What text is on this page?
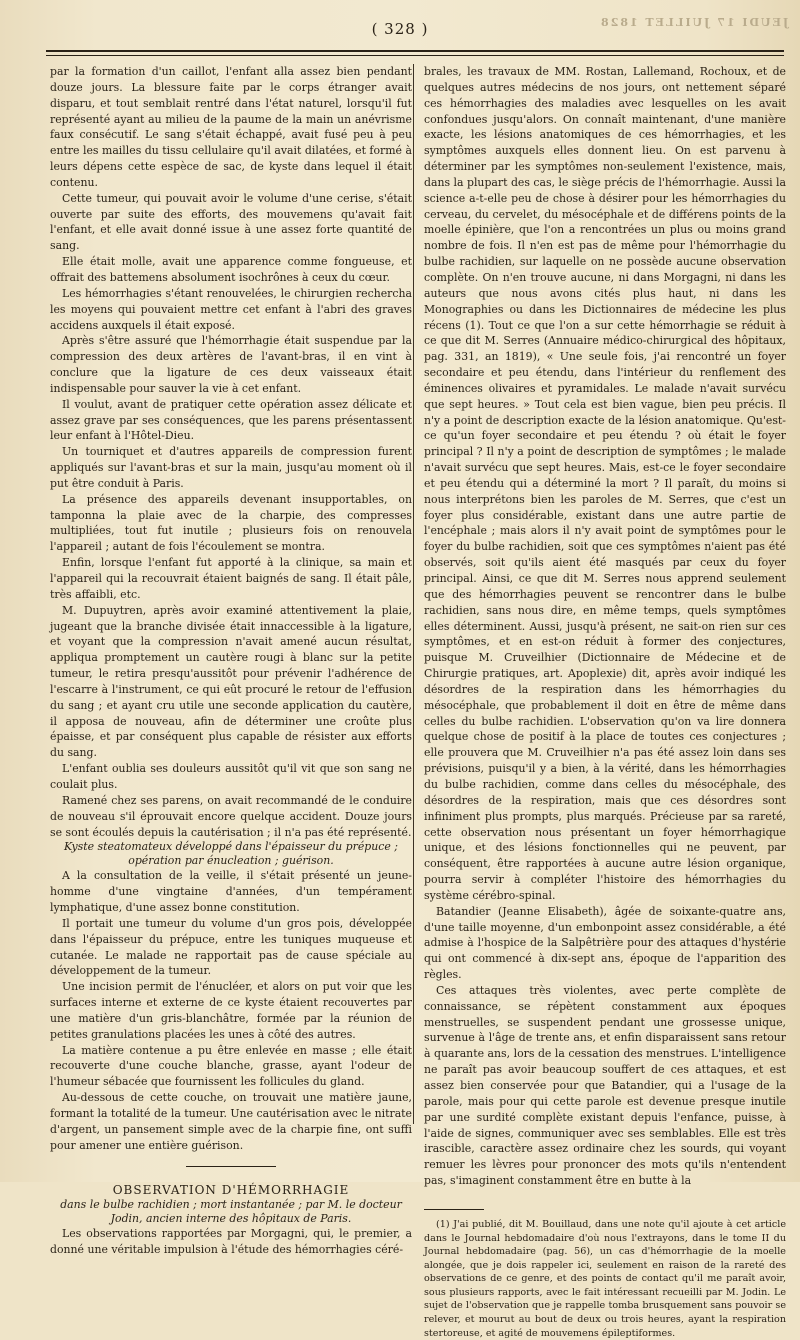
( 328 )	JEUDI 17 JUILLET 1828

par la formation d'un caillot, l'enfant alla assez bien pendant douze jours. La blessure faite par le corps étranger avait disparu, et tout semblait rentré dans l'état naturel, lorsqu'il fut représenté ayant au milieu de la paume de la main un anévrisme faux consécutif. Le sang s'était échappé, avait fusé peu à peu entre les mailles du tissu cellulaire qu'il avait dilatées, et formé à leurs dépens cette espèce de sac, de kyste dans lequel il était contenu.

Cette tumeur, qui pouvait avoir le volume d'une cerise, s'était ouverte par suite des efforts, des mouvemens qu'avait fait l'enfant, et elle avait donné issue à une assez forte quantité de sang.

Elle était molle, avait une apparence comme fongueuse, et offrait des battemens absolument isochrônes à ceux du cœur.

Les hémorrhagies s'étant renouvelées, le chirurgien rechercha les moyens qui pouvaient mettre cet enfant à l'abri des graves accidens auxquels il était exposé.

Après s'être assuré que l'hémorrhagie était suspendue par la compression des deux artères de l'avant-bras, il en vint à conclure que la ligature de ces deux vaisseaux était indispensable pour sauver la vie à cet enfant.

Il voulut, avant de pratiquer cette opération assez délicate et assez grave par ses conséquences, que les parens présentassent leur enfant à l'Hôtel-Dieu.

Un tourniquet et d'autres appareils de compression furent appliqués sur l'avant-bras et sur la main, jusqu'au moment où il put être conduit à Paris.

La présence des appareils devenant insupportables, on tamponna la plaie avec de la charpie, des compresses multipliées, tout fut inutile ; plusieurs fois on renouvela l'appareil ; autant de fois l'écoulement se montra.

Enfin, lorsque l'enfant fut apporté à la clinique, sa main et l'appareil qui la recouvrait étaient baignés de sang. Il était pâle, très affaibli, etc.

M. Dupuytren, après avoir examiné attentivement la plaie, jugeant que la branche divisée était innaccessible à la ligature, et voyant que la compression n'avait amené aucun résultat, appliqua promptement un cautère rougi à blanc sur la petite tumeur, le retira presqu'aussitôt pour prévenir l'adhérence de l'escarre à l'instrument, ce qui eût procuré le retour de l'effusion du sang ; et ayant cru utile une seconde application du cautère, il apposa de nouveau, afin de déterminer une croûte plus épaisse, et par conséquent plus capable de résister aux efforts du sang.

L'enfant oublia ses douleurs aussitôt qu'il vit que son sang ne coulait plus.

Ramené chez ses parens, on avait recommandé de le conduire de nouveau s'il éprouvait encore quelque accident. Douze jours se sont écoulés depuis la cautérisation ; il n'a pas été représenté.

Kyste steatomateux développé dans l'épaisseur du prépuce ; opération par énucleation ; guérison.

A la consultation de la veille, il s'était présenté un jeune-homme d'une vingtaine d'années, d'un tempérament lymphatique, d'une assez bonne constitution.

Il portait une tumeur du volume d'un gros pois, développée dans l'épaisseur du prépuce, entre les tuniques muqueuse et cutanée. Le malade ne rapportait pas de cause spéciale au développement de la tumeur.

Une incision permit de l'énucléer, et alors on put voir que les surfaces interne et externe de ce kyste étaient recouvertes par une matière d'un gris-blanchâtre, formée par la réunion de petites granulations placées les unes à côté des autres.

La matière contenue a pu être enlevée en masse ; elle était recouverte d'une couche blanche, grasse, ayant l'odeur de l'humeur sébacée que fournissent les follicules du gland.

Au-dessous de cette couche, on trouvait une matière jaune, formant la totalité de la tumeur. Une cautérisation avec le nitrate d'argent, un pansement simple avec de la charpie fine, ont suffi pour amener une entière guérison.

OBSERVATION D'HÉMORRHAGIE

dans le bulbe rachidien ; mort instantanée ; par M. le docteur Jodin, ancien interne des hôpitaux de Paris.

Les observations rapportées par Morgagni, qui, le premier, a donné une véritable impulsion à l'étude des hémorrhagies céré-

brales, les travaux de MM. Rostan, Lallemand, Rochoux, et de quelques autres médecins de nos jours, ont nettement séparé ces hémorrhagies des maladies avec lesquelles on les avait confondues jusqu'alors. On connaît maintenant, d'une manière exacte, les lésions anatomiques de ces hémorrhagies, et les symptômes auxquels elles donnent lieu. On est parvenu à déterminer par les symptômes non-seulement l'existence, mais, dans la plupart des cas, le siège précis de l'hémorrhagie. Aussi la science a-t-elle peu de chose à désirer pour les hémorrhagies du cerveau, du cervelet, du mésocéphale et de différens points de la moelle épinière, que l'on a rencontrées un plus ou moins grand nombre de fois. Il n'en est pas de même pour l'hémorrhagie du bulbe rachidien, sur laquelle on ne possède aucune observation complète. On n'en trouve aucune, ni dans Morgagni, ni dans les auteurs que nous avons cités plus haut, ni dans les Monographies ou dans les Dictionnaires de médecine les plus récens (1). Tout ce que l'on a sur cette hémorrhagie se réduit à ce que dit M. Serres (Annuaire médico-chirurgical des hôpitaux, pag. 331, an 1819), « Une seule fois, j'ai rencontré un foyer secondaire et peu étendu, dans l'intérieur du renflement des éminences olivaires et pyramidales. Le malade n'avait survécu que sept heures. » Tout cela est bien vague, bien peu précis. Il n'y a point de description exacte de la lésion anatomique. Qu'est-ce qu'un foyer secondaire et peu étendu ? où était le foyer principal ? Il n'y a point de description de symptômes ; le malade n'avait survécu que sept heures. Mais, est-ce le foyer secondaire et peu étendu qui a déterminé la mort ? Il paraît, du moins si nous interprétons bien les paroles de M. Serres, que c'est un foyer plus considérable, existant dans une autre partie de l'encéphale ; mais alors il n'y avait point de symptômes pour le foyer du bulbe rachidien, soit que ces symptômes n'aient pas été observés, soit qu'ils aient été masqués par ceux du foyer principal. Ainsi, ce que dit M. Serres nous apprend seulement que des hémorrhagies peuvent se rencontrer dans le bulbe rachidien, sans nous dire, en même temps, quels symptômes elles déterminent. Aussi, jusqu'à présent, ne sait-on rien sur ces symptômes, et en est-on réduit à former des conjectures, puisque M. Cruveilhier (Dictionnaire de Médecine et de Chirurgie pratiques, art. Apoplexie) dit, après avoir indiqué les désordres de la respiration dans les hémorrhagies du mésocéphale, que probablement il doit en être de même dans celles du bulbe rachidien. L'observation qu'on va lire donnera quelque chose de positif à la place de toutes ces conjectures ; elle prouvera que M. Cruveilhier n'a pas été assez loin dans ses prévisions, puisqu'il y a bien, à la vérité, dans les hémorrhagies du bulbe rachidien, comme dans celles du mésocéphale, des désordres de la respiration, mais que ces désordres sont infiniment plus prompts, plus marqués. Précieuse par sa rareté, cette observation nous présentant un foyer hémorrhagique unique, et des lésions fonctionnelles qui ne peuvent, par conséquent, être rapportées à aucune autre lésion organique, pourra servir à compléter l'histoire des hémorrhagies du système cérébro-spinal.

Batandier (Jeanne Elisabeth), âgée de soixante-quatre ans, d'une taille moyenne, d'un embonpoint assez considérable, a été admise à l'hospice de la Salpêtrière pour des attaques d'hystérie qui ont commencé à dix-sept ans, époque de l'apparition des règles.

Ces attaques très violentes, avec perte complète de connaissance, se répètent constamment aux époques menstruelles, se suspendent pendant une grossesse unique, survenue à l'âge de trente ans, et enfin disparaissent sans retour à quarante ans, lors de la cessation des menstrues. L'intelligence ne paraît pas avoir beaucoup souffert de ces attaques, et est assez bien conservée pour que Batandier, qui a l'usage de la parole, mais pour qui cette parole est devenue presque inutile par une surdité complète existant depuis l'enfance, puisse, à l'aide de signes, communiquer avec ses semblables. Elle est très irascible, caractère assez ordinaire chez les sourds, qui voyant remuer les lèvres pour prononcer des mots qu'ils n'entendent pas, s'imaginent constamment être en butte à la

(1) J'ai publié, dit M. Bouillaud, dans une note qu'il ajoute à cet article dans le Journal hebdomadaire d'où nous l'extrayons, dans le tome II du Journal hebdomadaire (pag. 56), un cas d'hémorrhagie de la moelle alongée, que je dois rappeler ici, seulement en raison de la rareté des observations de ce genre, et des points de contact qu'il me paraît avoir, sous plusieurs rapports, avec le fait intéressant recueilli par M. Jodin. Le sujet de l'observation que je rappelle tomba brusquement sans pouvoir se relever, et mourut au bout de deux ou trois heures, ayant la respiration stertoreuse, et agité de mouvemens épileptiformes.
